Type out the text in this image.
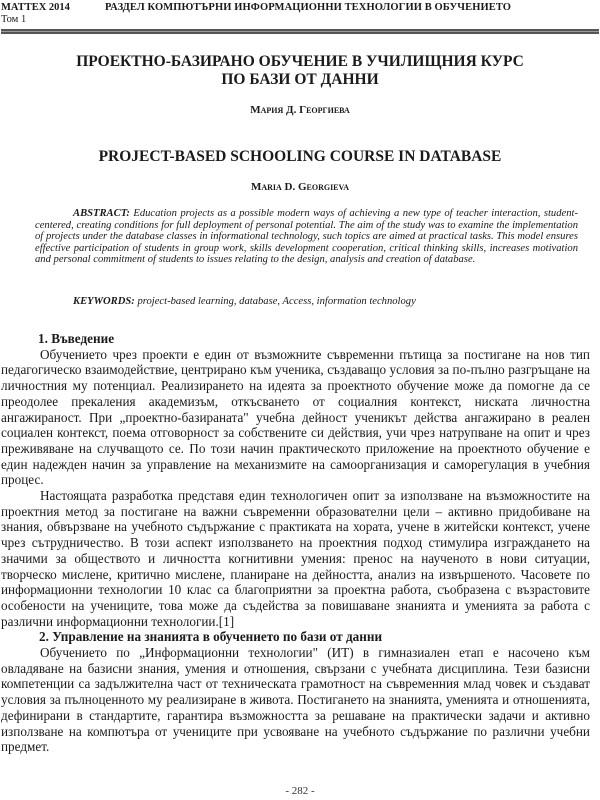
MATTEX 2014
Том 1
РАЗДЕЛ КОМПЮТЪРНИ ИНФОРМАЦИОННИ ТЕХНОЛОГИИ В ОБУЧЕНИЕТО
ПРОЕКТНО-БАЗИРАНО ОБУЧЕНИЕ В УЧИЛИЩНИЯ КУРС
ПО БАЗИ ОТ ДАННИ
Мария Д. Георгиева
PROJECT-BASED SCHOOLING COURSE IN DATABASE
Maria D. Georgieva
ABSTRACT: Education projects as a possible modern ways of achieving a new type of teacher interaction, student-centered, creating conditions for full deployment of personal potential. The aim of the study was to examine the implementation of projects under the database classes in informational technology, such topics are aimed at practical tasks. This model ensures effective participation of students in group work, skills development cooperation, critical thinking skills, increases motivation and personal commitment of students to issues relating to the design, analysis and creation of database.
KEYWORDS: project-based learning, database, Access, information technology
1. Въведение

Обучението чрез проекти е един от възможните съвременни пътища за постигане на нов тип педагогическо взаимодействие, центрирано към ученика, създаващо условия за по-пълно разгръщане на личностния му потенциал. Реализирането на идеята за проектното обучение може да помогне да се преодолее прекаления академизъм, откъсването от социалния контекст, ниската личностна ангажираност. При „проектно-базираната" учебна дейност ученикът действа ангажирано в реален социален контекст, поема отговорност за собствените си действия, учи чрез натрупване на опит и чрез преживяване на случващото се. По този начин практическото приложение на проектното обучение е един надежден начин за управление на механизмите на самоорганизация и саморегулация в учебния процес.

Настоящата разработка представя един технологичен опит за използване на възможностите на проектния метод за постигане на важни съвременни образователни цели – активно придобиване на знания, обвързване на учебното съдържание с практиката на хората, учене в житейски контекст, учене чрез сътрудничество. В този аспект използването на проектния подход стимулира изграждането на значими за обществото и личността когнитивни умения: пренос на наученото в нови ситуации, творческо мислене, критично мислене, планиране на дейността, анализ на извършеното. Часовете по информационни технологии 10 клас са благоприятни за проектна работа, съобразена с възрастовите особености на учениците, това може да съдейства за повишаване знанията и уменията за работа с различни информационни технологии.[1]

2. Управление на знанията в обучението по бази от данни

Обучението по „Информационни технологии" (ИТ) в гимназиален етап е насочено към овладяване на базисни знания, умения и отношения, свързани с учебната дисциплина. Тези базисни компетенции са задължителна част от техническата грамотност на съвременния млад човек и създават условия за пълноценното му реализиране в живота. Постигането на знанията, уменията и отношенията, дефинирани в стандартите, гарантира възможността за решаване на практически задачи и активно използване на компютъра от учениците при усвояване на учебното съдържание по различни учебни предмет.

- 282 -
